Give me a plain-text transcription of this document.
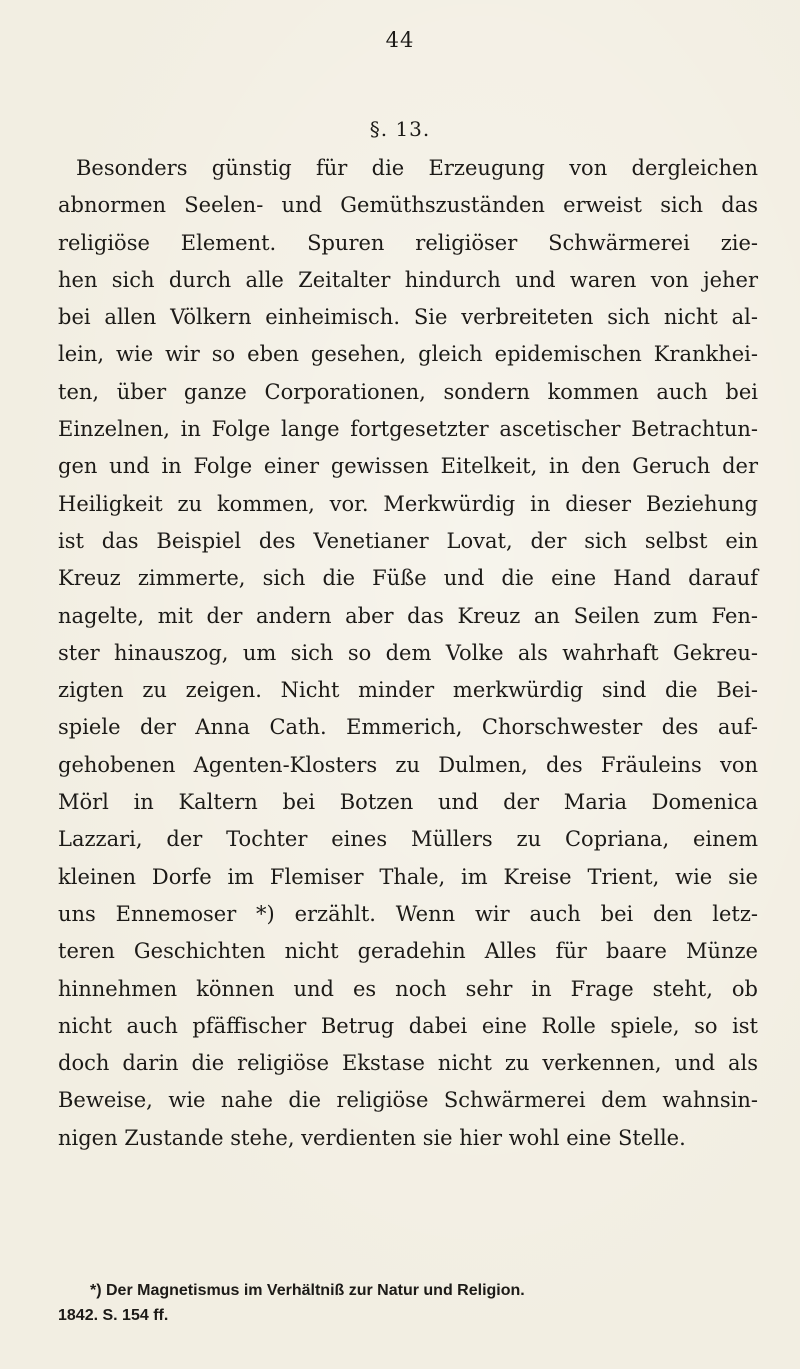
44
§. 13.
Besonders günstig für die Erzeugung von dergleichen
abnormen Seelen- und Gemüthszuständen erweist sich das
religiöse Element. Spuren religiöser Schwärmerei zie-
hen sich durch alle Zeitalter hindurch und waren von jeher
bei allen Völkern einheimisch. Sie verbreiteten sich nicht al-
lein, wie wir so eben gesehen, gleich epidemischen Krankhei-
ten, über ganze Corporationen, sondern kommen auch bei
Einzelnen, in Folge lange fortgesetzter ascetischer Betrachtun-
gen und in Folge einer gewissen Eitelkeit, in den Geruch der
Heiligkeit zu kommen, vor. Merkwürdig in dieser Beziehung
ist das Beispiel des Venetianer Lovat, der sich selbst ein
Kreuz zimmerte, sich die Füße und die eine Hand darauf
nagelte, mit der andern aber das Kreuz an Seilen zum Fen-
ster hinauszog, um sich so dem Volke als wahrhaft Gekreu-
zigten zu zeigen. Nicht minder merkwürdig sind die Bei-
spiele der Anna Cath. Emmerich, Chorschwester des auf-
gehobenen Agenten-Klosters zu Dulmen, des Fräuleins von
Mörl in Kaltern bei Botzen und der Maria Domenica
Lazzari, der Tochter eines Müllers zu Copriana, einem
kleinen Dorfe im Flemiser Thale, im Kreise Trient, wie sie
uns Ennemoser *) erzählt. Wenn wir auch bei den letz-
teren Geschichten nicht geradehin Alles für baare Münze
hinnehmen können und es noch sehr in Frage steht, ob
nicht auch pfäffischer Betrug dabei eine Rolle spiele, so ist
doch darin die religiöse Ekstase nicht zu verkennen, und als
Beweise, wie nahe die religiöse Schwärmerei dem wahnsin-
nigen Zustande stehe, verdienten sie hier wohl eine Stelle.
*) Der Magnetismus im Verhältniß zur Natur und Religion.
1842. S. 154 ff.
